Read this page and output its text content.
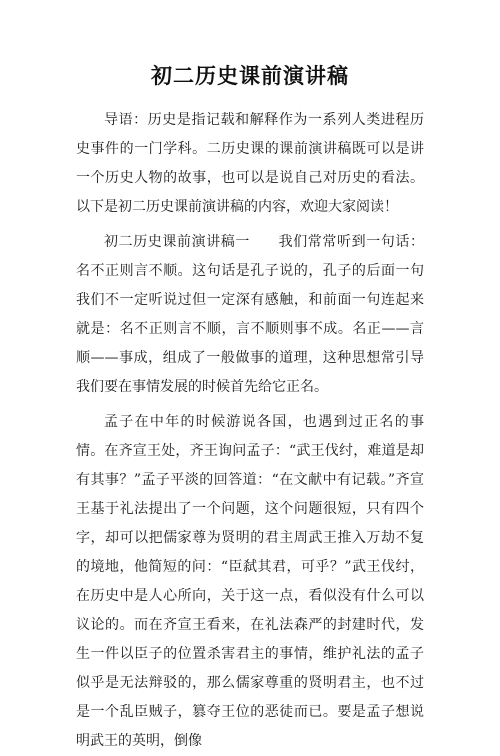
初二历史课前演讲稿

导语：历史是指记载和解释作为一系列人类进程历史事件的一门学科。二历史课的课前演讲稿既可以是讲一个历史人物的故事，也可以是说自己对历史的看法。以下是初二历史课前演讲稿的内容，欢迎大家阅读！

初二历史课前演讲稿一 我们常常听到一句话：名不正则言不顺。这句话是孔子说的，孔子的后面一句我们不一定听说过但一定深有感触，和前面一句连起来就是：名不正则言不顺，言不顺则事不成。名正——言顺——事成，组成了一般做事的道理，这种思想常引导我们要在事情发展的时候首先给它正名。

孟子在中年的时候游说各国，也遇到过正名的事情。在齐宣王处，齐王询问孟子：“武王伐纣，难道是却有其事？”孟子平淡的回答道：“在文献中有记载。”齐宣王基于礼法提出了一个问题，这个问题很短，只有四个字，却可以把儒家尊为贤明的君主周武王推入万劫不复的境地，他简短的问：“臣弑其君，可乎？”武王伐纣，在历史中是人心所向，关于这一点，看似没有什么可以议论的。而在齐宣王看来，在礼法森严的封建时代，发生一件以臣子的位置杀害君主的事情，维护礼法的孟子似乎是无法辩驳的，那么儒家尊重的贤明君主，也不过是一个乱臣贼子，篡夺王位的恶徒而已。要是孟子想说明武王的英明，倒像
